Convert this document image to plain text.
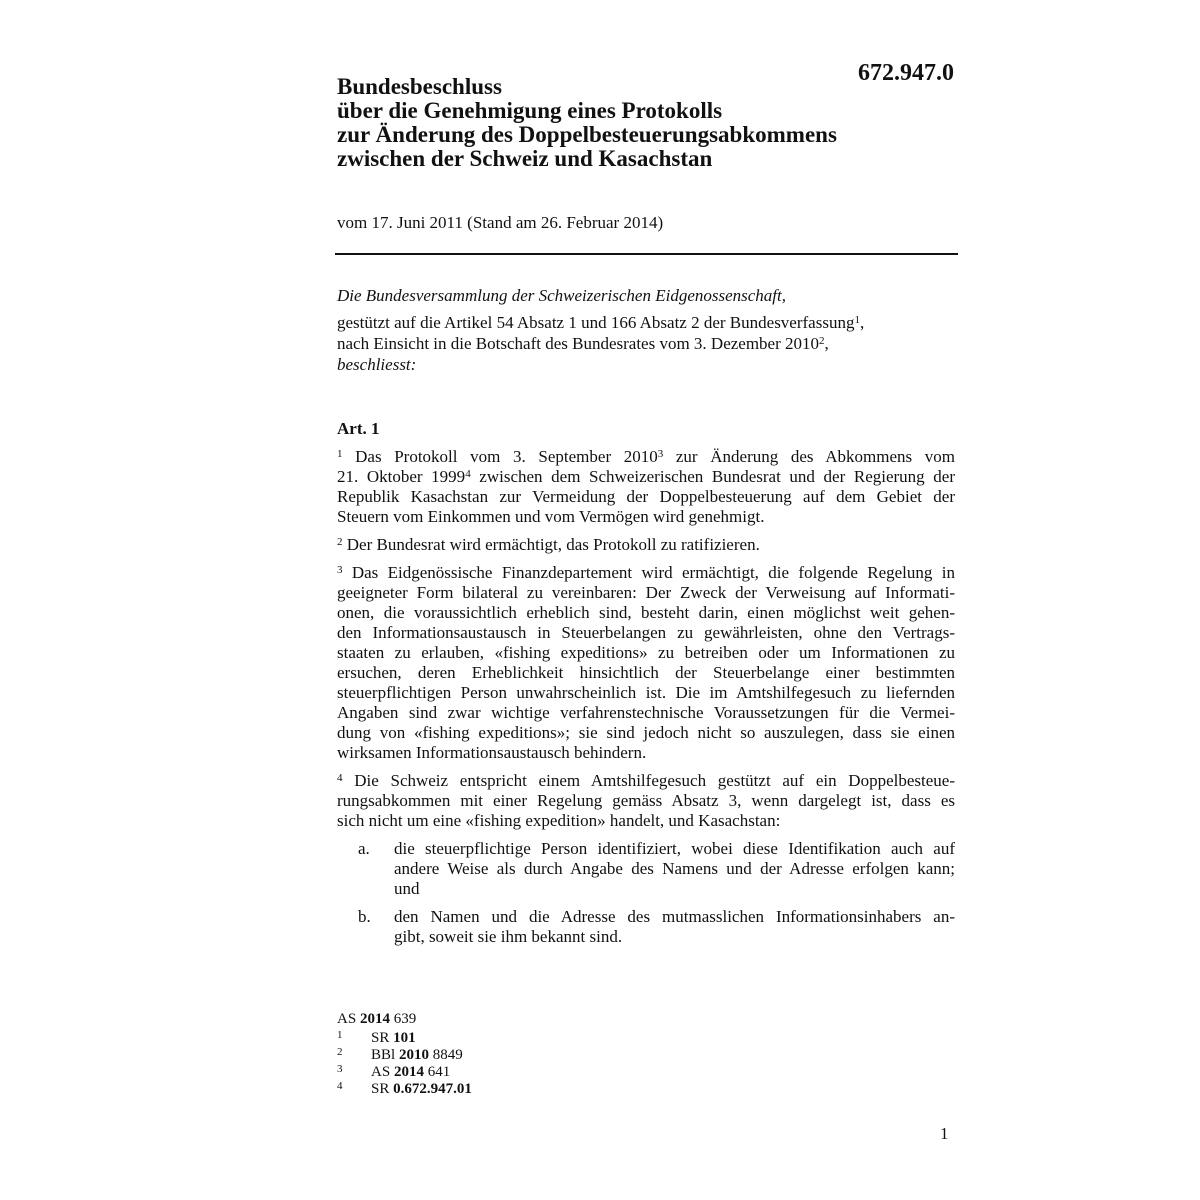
672.947.0
Bundesbeschluss
über die Genehmigung eines Protokolls
zur Änderung des Doppelbesteuerungsabkommens
zwischen der Schweiz und Kasachstan
vom 17. Juni 2011 (Stand am 26. Februar 2014)
Die Bundesversammlung der Schweizerischen Eidgenossenschaft,
gestützt auf die Artikel 54 Absatz 1 und 166 Absatz 2 der Bundesverfassung$^1$,
nach Einsicht in die Botschaft des Bundesrates vom 3. Dezember 2010$^2$,
beschliesst:
Art. 1
$^1$ Das Protokoll vom 3. September 2010$^3$ zur Änderung des Abkommens vom
21. Oktober 1999$^4$ zwischen dem Schweizerischen Bundesrat und der Regierung der
Republik Kasachstan zur Vermeidung der Doppelbesteuerung auf dem Gebiet der
Steuern vom Einkommen und vom Vermögen wird genehmigt.
$^2$ Der Bundesrat wird ermächtigt, das Protokoll zu ratifizieren.
$^3$ Das Eidgenössische Finanzdepartement wird ermächtigt, die folgende Regelung in
geeigneter Form bilateral zu vereinbaren: Der Zweck der Verweisung auf Informati-
onen, die voraussichtlich erheblich sind, besteht darin, einen möglichst weit gehen-
den Informationsaustausch in Steuerbelangen zu gewährleisten, ohne den Vertrags-
staaten zu erlauben, «fishing expeditions» zu betreiben oder um Informationen zu
ersuchen, deren Erheblichkeit hinsichtlich der Steuerbelange einer bestimmten
steuerpflichtigen Person unwahrscheinlich ist. Die im Amtshilfegesuch zu liefernden
Angaben sind zwar wichtige verfahrenstechnische Voraussetzungen für die Vermei-
dung von «fishing expeditions»; sie sind jedoch nicht so auszulegen, dass sie einen
wirksamen Informationsaustausch behindern.
$^4$ Die Schweiz entspricht einem Amtshilfegesuch gestützt auf ein Doppelbesteue-
rungsabkommen mit einer Regelung gemäss Absatz 3, wenn dargelegt ist, dass es
sich nicht um eine «fishing expedition» handelt, und Kasachstan:
a. die steuerpflichtige Person identifiziert, wobei diese Identifikation auch auf
andere Weise als durch Angabe des Namens und der Adresse erfolgen kann;
und
b. den Namen und die Adresse des mutmasslichen Informationsinhabers an-
gibt, soweit sie ihm bekannt sind.
AS 2014 639
1 SR 101
2 BBl 2010 8849
3 AS 2014 641
4 SR 0.672.947.01
1
